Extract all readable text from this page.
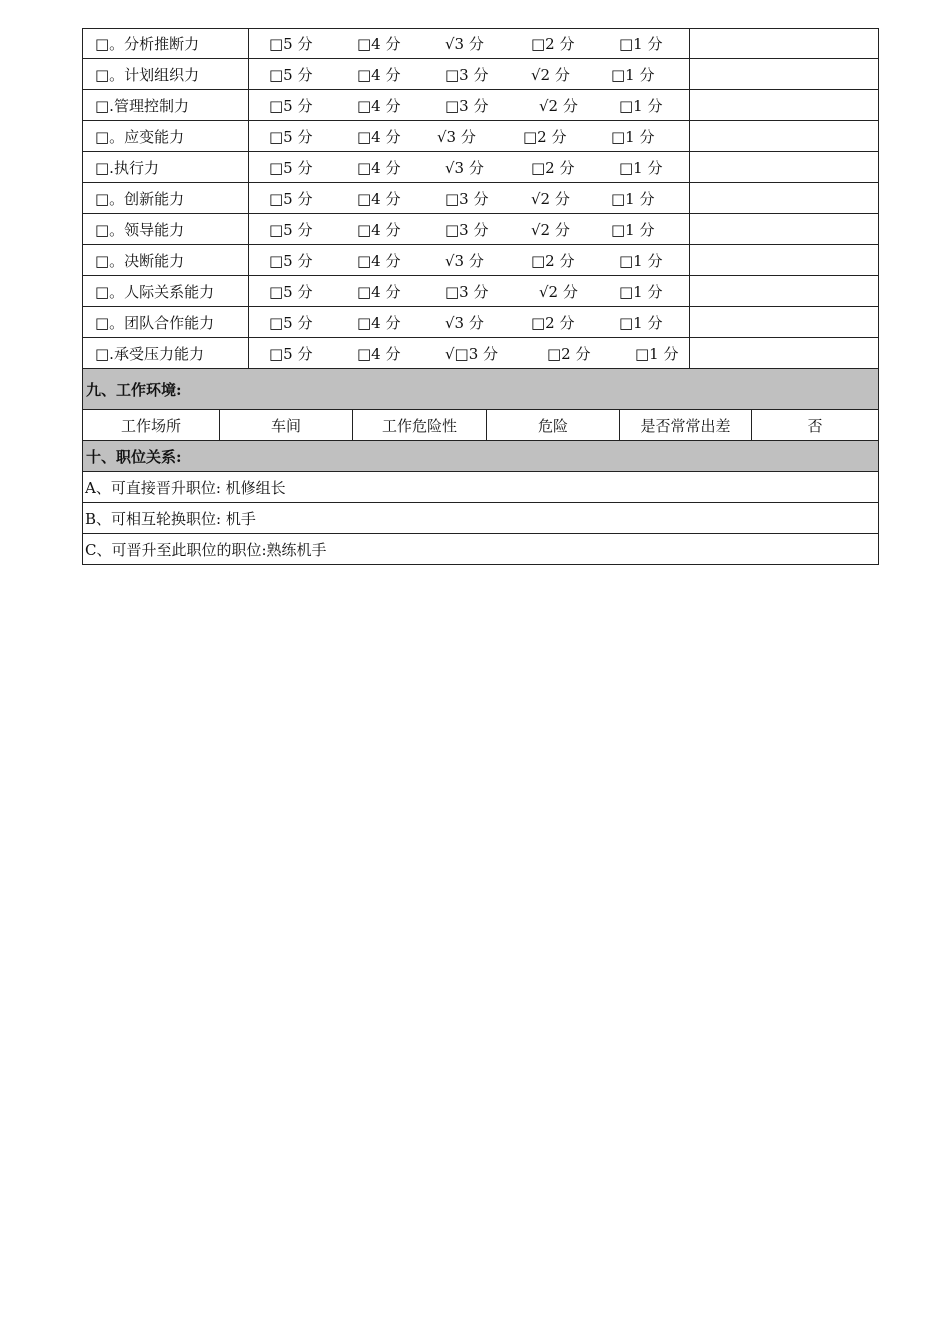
□。分析推断力	□5 分	□4 分	√3 分	□2 分	□1 分
□。计划组织力	□5 分	□4 分	□3 分	√2 分	□1 分
□.管理控制力	□5 分	□4 分	□3 分	√2 分	□1 分
□。应变能力	□5 分	□4 分 √3 分	□2 分	□1 分
□.执行力	□5 分	□4 分	√3 分	□2 分	□1 分
□。创新能力	□5 分	□4 分	□3 分	√2 分	□1 分
□。领导能力	□5 分	□4 分	□3 分	√2 分	□1 分
□。决断能力	□5 分	□4 分	√3 分	□2 分	□1 分
□。人际关系能力	□5 分	□4 分	□3 分	√2 分	□1 分
□。团队合作能力	□5 分	□4 分	√3 分	□2 分	□1 分
□.承受压力能力	□5 分	□4 分	√□3 分	□2 分	□1 分
九、工作环境:
工作场所	车间	工作危险性	危险	是否常常出差	否
十、职位关系:
A、可直接晋升职位: 机修组长
B、可相互轮换职位: 机手
C、可晋升至此职位的职位:熟练机手
